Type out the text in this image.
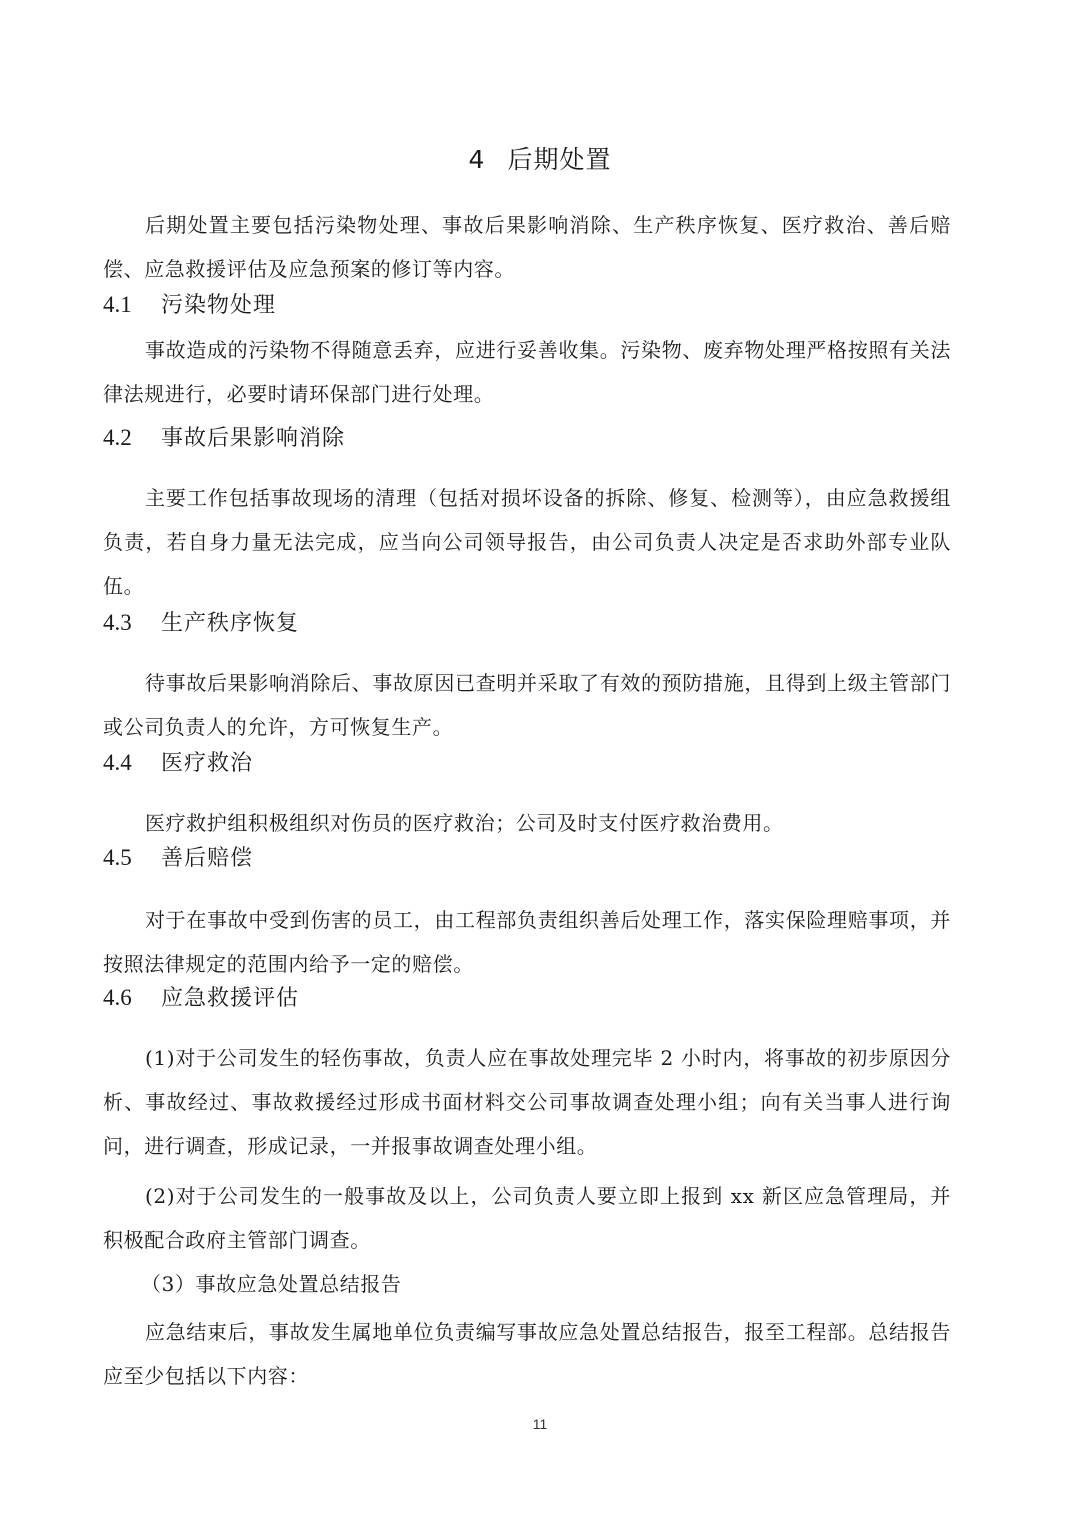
4 后期处置
后期处置主要包括污染物处理、事故后果影响消除、生产秩序恢复、医疗救治、善后赔偿、应急救援评估及应急预案的修订等内容。
4.1 污染物处理
事故造成的污染物不得随意丢弃，应进行妥善收集。污染物、废弃物处理严格按照有关法律法规进行，必要时请环保部门进行处理。
4.2 事故后果影响消除
主要工作包括事故现场的清理（包括对损坏设备的拆除、修复、检测等），由应急救援组负责，若自身力量无法完成，应当向公司领导报告，由公司负责人决定是否求助外部专业队伍。
4.3 生产秩序恢复
待事故后果影响消除后、事故原因已查明并采取了有效的预防措施，且得到上级主管部门或公司负责人的允许，方可恢复生产。
4.4 医疗救治
医疗救护组积极组织对伤员的医疗救治；公司及时支付医疗救治费用。
4.5 善后赔偿
对于在事故中受到伤害的员工，由工程部负责组织善后处理工作，落实保险理赔事项，并按照法律规定的范围内给予一定的赔偿。
4.6 应急救援评估
(1)对于公司发生的轻伤事故，负责人应在事故处理完毕 2 小时内，将事故的初步原因分析、事故经过、事故救援经过形成书面材料交公司事故调查处理小组；向有关当事人进行询问，进行调查，形成记录，一并报事故调查处理小组。
(2)对于公司发生的一般事故及以上，公司负责人要立即上报到 xx 新区应急管理局，并积极配合政府主管部门调查。
（3）事故应急处置总结报告
应急结束后，事故发生属地单位负责编写事故应急处置总结报告，报至工程部。总结报告应至少包括以下内容：
11
